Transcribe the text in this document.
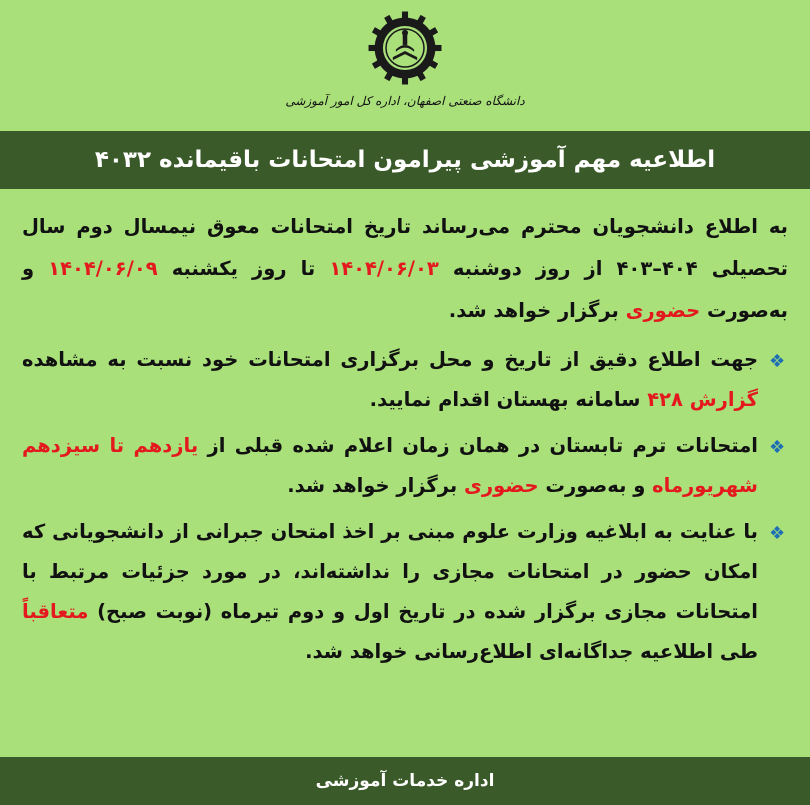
دانشگاه صنعتی اصفهان، اداره کل امور آموزشی
اطلاعیه مهم آموزشی پیرامون امتحانات باقیمانده ۴۰۳۲

به اطلاع دانشجویان محترم می‌رساند تاریخ امتحانات معوق نیمسال دوم سال تحصیلی ۴۰۴–۴۰۳ از روز دوشنبه ۱۴۰۴/۰۶/۰۳ تا روز یکشنبه ۱۴۰۴/۰۶/۰۹ و به‌صورت حضوری برگزار خواهد شد.

❖
جهت اطلاع دقیق از تاریخ و محل برگزاری امتحانات خود نسبت به مشاهده گزارش ۴۲۸ سامانه بهستان اقدام نمایید.
❖
امتحانات ترم تابستان در همان زمان اعلام شده قبلی از یازدهم تا سیزدهم شهریورماه و به‌صورت حضوری برگزار خواهد شد.
❖
با عنایت به ابلاغیه وزارت علوم مبنی بر اخذ امتحان جبرانی از دانشجویانی که امکان حضور در امتحانات مجازی را نداشته‌اند، در مورد جزئیات مرتبط با امتحانات مجازی برگزار شده در تاریخ اول و دوم تیرماه (نوبت صبح) متعاقباً طی اطلاعیه جداگانه‌ای اطلاع‌رسانی خواهد شد.
اداره خدمات آموزشی
